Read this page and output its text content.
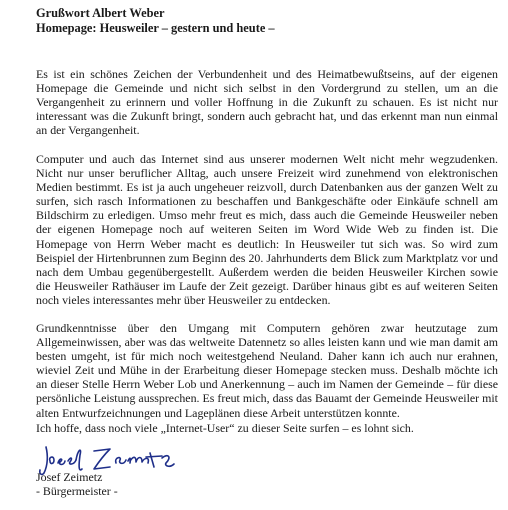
Grußwort Albert Weber
Homepage: Heusweiler – gestern und heute –

Es ist ein schönes Zeichen der Verbundenheit und des Heimatbewußtseins, auf der eigenen Homepage die Gemeinde und nicht sich selbst in den Vordergrund zu stellen, um an die Vergangenheit zu erinnern und voller Hoffnung in die Zukunft zu schauen. Es ist nicht nur interessant was die Zukunft bringt, sondern auch gebracht hat, und das erkennt man nun einmal an der Vergangenheit.

Computer und auch das Internet sind aus unserer modernen Welt nicht mehr wegzudenken. Nicht nur unser beruflicher Alltag, auch unsere Freizeit wird zunehmend von elektronischen Medien bestimmt. Es ist ja auch ungeheuer reizvoll, durch Datenbanken aus der ganzen Welt zu surfen, sich rasch Informationen zu beschaffen und Bankgeschäfte oder Einkäufe schnell am Bildschirm zu erledigen. Umso mehr freut es mich, dass auch die Gemeinde Heusweiler neben der eigenen Homepage noch auf weiteren Seiten im Word Wide Web zu finden ist. Die Homepage von Herrn Weber macht es deutlich: In Heusweiler tut sich was. So wird zum Beispiel der Hirtenbrunnen zum Beginn des 20. Jahrhunderts dem Blick zum Marktplatz vor und nach dem Umbau gegenübergestellt. Außerdem werden die beiden Heusweiler Kirchen sowie die Heusweiler Rathäuser im Laufe der Zeit gezeigt. Darüber hinaus gibt es auf weiteren Seiten noch vieles interessantes mehr über Heusweiler zu entdecken.

Grundkenntnisse über den Umgang mit Computern gehören zwar heutzutage zum Allgemeinwissen, aber was das weltweite Datennetz so alles leisten kann und wie man damit am besten umgeht, ist für mich noch weitestgehend Neuland. Daher kann ich auch nur erahnen, wieviel Zeit und Mühe in der Erarbeitung dieser Homepage stecken muss. Deshalb möchte ich an dieser Stelle Herrn Weber Lob und Anerkennung – auch im Namen der Gemeinde – für diese persönliche Leistung aussprechen. Es freut mich, dass das Bauamt der Gemeinde Heusweiler mit alten Entwurfzeichnungen und Lageplänen diese Arbeit unterstützen konnte.

Ich hoffe, dass noch viele „Internet-User“ zu dieser Seite surfen – es lohnt sich.

Josef Zeimetz
- Bürgermeister -
